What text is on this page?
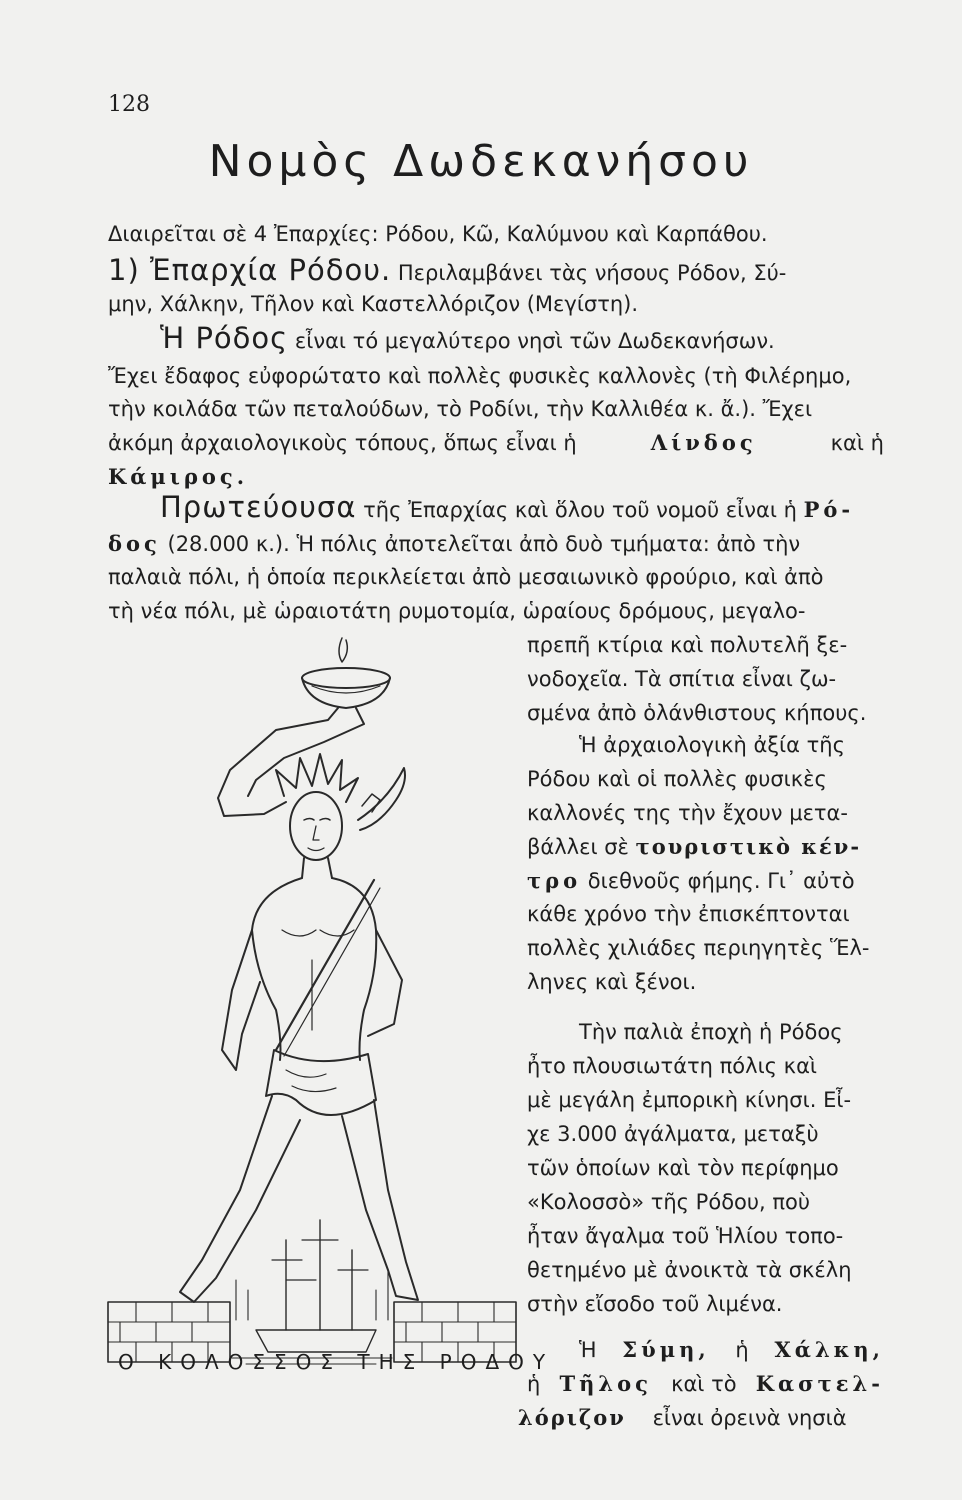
128
Νομὸς Δωδεκανήσου
Διαιρεῖται σὲ 4 Ἐπαρχίες: Ρόδου, Κῶ, Καλύμνου καὶ Καρπάθου.
1) Ἐπαρχία Ρόδου. Περιλαμβάνει τὰς νήσους Ρόδον, Σύ-
μην, Χάλκην, Τῆλον καὶ Καστελλόριζον (Μεγίστη).
Ἡ Ρόδος εἶναι τό μεγαλύτερο νησὶ τῶν Δωδεκανήσων.
Ἔχει ἔδαφος εὐφορώτατο καὶ πολλὲς φυσικὲς καλλονὲς (τὴ Φιλέρημο,
τὴν κοιλάδα τῶν πεταλούδων, τὸ Ροδίνι, τὴν Καλλιθέα κ. ἄ.). Ἔχει
ἀκόμη ἀρχαιολογικοὺς τόπους, ὅπως εἶναι ἡ	Λίνδος	καὶ ἡ
Κάμιρος.
Πρωτεύουσα τῆς Ἐπαρχίας καὶ ὅλου τοῦ νομοῦ εἶναι ἡ Ρό-
δος (28.000 κ.). Ἡ πόλις ἀποτελεῖται ἀπὸ δυὸ τμήματα: ἀπὸ τὴν
παλαιὰ πόλι, ἡ ὁποία περικλείεται ἀπὸ μεσαιωνικὸ φρούριο, καὶ ἀπὸ
τὴ νέα πόλι, μὲ ὡραιοτάτη ρυμοτομία, ὡραίους δρόμους, μεγαλο-
πρεπῆ κτίρια καὶ πολυτελῆ ξε-
νοδοχεῖα. Τὰ σπίτια εἶναι ζω-
σμένα ἀπὸ ὁλάνθιστους κήπους.
Ἡ ἀρχαιολογικὴ ἀξία τῆς
Ρόδου καὶ οἱ πολλὲς φυσικὲς
καλλονές της τὴν ἔχουν μετα-
βάλλει σὲ τουριστικὸ κέν-
τρο διεθνοῦς φήμης. Γι᾽ αὐτὸ
κάθε χρόνο τὴν ἐπισκέπτονται
πολλὲς χιλιάδες περιηγητὲς Ἕλ-
ληνες καὶ ξένοι.
Τὴν παλιὰ ἐποχὴ ἡ Ρόδος
ἦτο πλουσιωτάτη πόλις καὶ
μὲ μεγάλη ἐμπορικὴ κίνησι. Εἶ-
χε 3.000 ἀγάλματα, μεταξὺ
τῶν ὁποίων καὶ τὸν περίφημο
«Κολοσσὸ» τῆς Ρόδου, ποὺ
ἦταν ἄγαλμα τοῦ Ἡλίου τοπο-
θετημένο μὲ ἀνοικτὰ τὰ σκέλη
στὴν εἴσοδο τοῦ λιμένα.
Ἡ Σύμη, ἡ Χάλκη,
ἡ Τῆλος καὶ τὸ Καστελ-
λόριζον εἶναι ὀρεινὰ νησιὰ
Ο ΚΟΛΟΣΣΟΣ ΤΗΣ ΡΟΔΟΥ
